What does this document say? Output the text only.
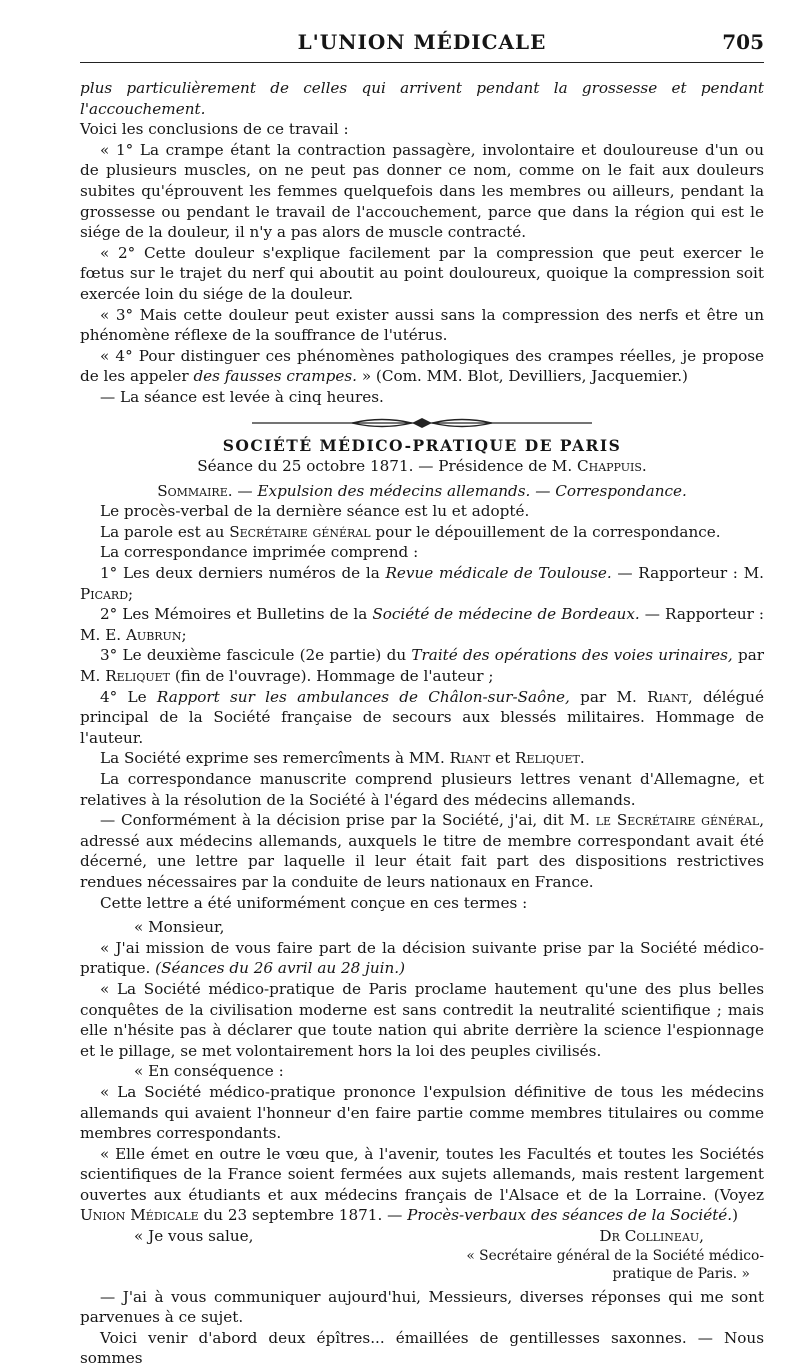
L'UNION MÉDICALE	705

plus particulièrement de celles qui arrivent pendant la grossesse et pendant l'accouchement.

Voici les conclusions de ce travail :

« 1° La crampe étant la contraction passagère, involontaire et douloureuse d'un ou de plusieurs muscles, on ne peut pas donner ce nom, comme on le fait aux douleurs subites qu'éprouvent les femmes quelquefois dans les membres ou ailleurs, pendant la grossesse ou pendant le travail de l'accouchement, parce que dans la région qui est le siége de la douleur, il n'y a pas alors de muscle contracté.

« 2° Cette douleur s'explique facilement par la compression que peut exercer le fœtus sur le trajet du nerf qui aboutit au point douloureux, quoique la compression soit exercée loin du siége de la douleur.

« 3° Mais cette douleur peut exister aussi sans la compression des nerfs et être un phénomène réflexe de la souffrance de l'utérus.

« 4° Pour distinguer ces phénomènes pathologiques des crampes réelles, je propose de les appeler des fausses crampes. » (Com. MM. Blot, Devilliers, Jacquemier.)

— La séance est levée à cinq heures.

SOCIÉTÉ MÉDICO-PRATIQUE DE PARIS

Séance du 25 octobre 1871. — Présidence de M. Chappuis.

Sommaire. — Expulsion des médecins allemands. — Correspondance.

Le procès-verbal de la dernière séance est lu et adopté.

La parole est au Secrétaire général pour le dépouillement de la correspondance.

La correspondance imprimée comprend :

1° Les deux derniers numéros de la Revue médicale de Toulouse. — Rapporteur : M. Picard;

2° Les Mémoires et Bulletins de la Société de médecine de Bordeaux. — Rapporteur : M. E. Aubrun;

3° Le deuxième fascicule (2e partie) du Traité des opérations des voies urinaires, par M. Reliquet (fin de l'ouvrage). Hommage de l'auteur ;

4° Le Rapport sur les ambulances de Châlon-sur-Saône, par M. Riant, délégué principal de la Société française de secours aux blessés militaires. Hommage de l'auteur.

La Société exprime ses remercîments à MM. Riant et Reliquet.

La correspondance manuscrite comprend plusieurs lettres venant d'Allemagne, et relatives à la résolution de la Société à l'égard des médecins allemands.

— Conformément à la décision prise par la Société, j'ai, dit M. le Secrétaire général, adressé aux médecins allemands, auxquels le titre de membre correspondant avait été décerné, une lettre par laquelle il leur était fait part des dispositions restrictives rendues nécessaires par la conduite de leurs nationaux en France.

Cette lettre a été uniformément conçue en ces termes :

« Monsieur,

« J'ai mission de vous faire part de la décision suivante prise par la Société médico-pratique. (Séances du 26 avril au 28 juin.)

« La Société médico-pratique de Paris proclame hautement qu'une des plus belles conquêtes de la civilisation moderne est sans contredit la neutralité scientifique ; mais elle n'hésite pas à déclarer que toute nation qui abrite derrière la science l'espionnage et le pillage, se met volontairement hors la loi des peuples civilisés.

« En conséquence :

« La Société médico-pratique prononce l'expulsion définitive de tous les médecins allemands qui avaient l'honneur d'en faire partie comme membres titulaires ou comme membres correspondants.

« Elle émet en outre le vœu que, à l'avenir, toutes les Facultés et toutes les Sociétés scientifiques de la France soient fermées aux sujets allemands, mais restent largement ouvertes aux étudiants et aux médecins français de l'Alsace et de la Lorraine. (Voyez Union Médicale du 23 septembre 1871. — Procès-verbaux des séances de la Société.)

« Je vous salue,	Dr Collineau,
« Secrétaire général de la Société médico-
pratique de Paris. »

— J'ai à vous communiquer aujourd'hui, Messieurs, diverses réponses qui me sont parvenues à ce sujet.

Voici venir d'abord deux épîtres... émaillées de gentillesses saxonnes. — Nous sommes
